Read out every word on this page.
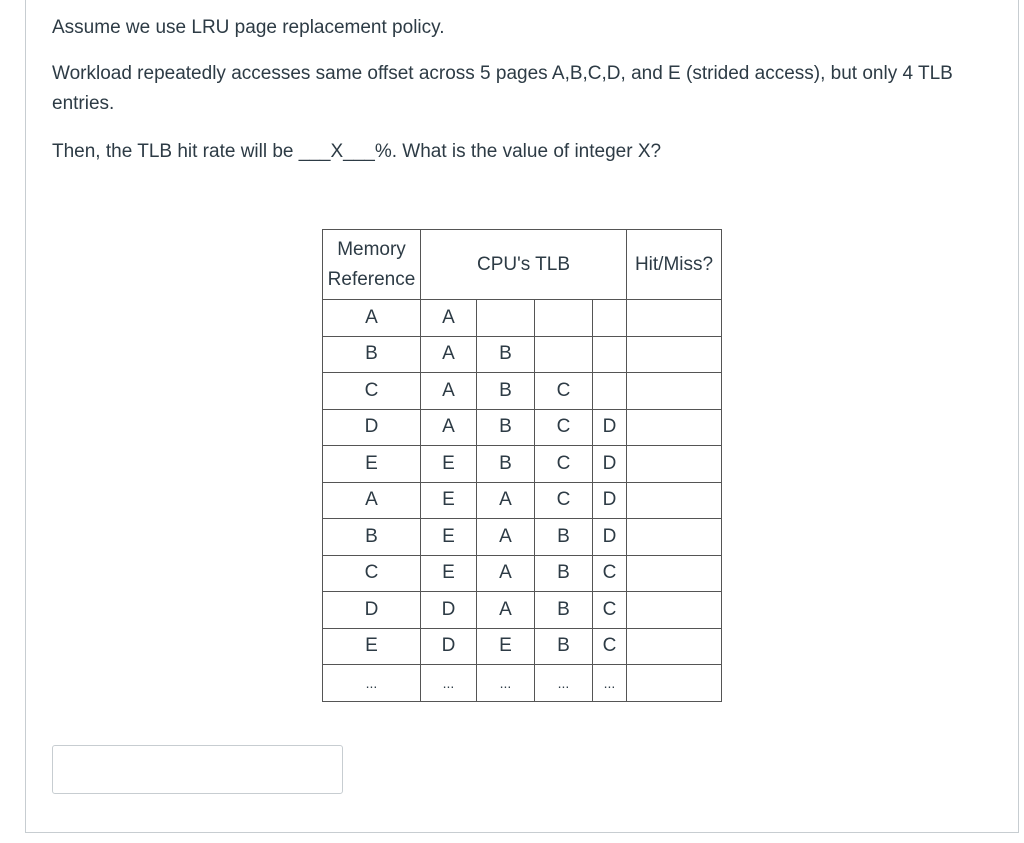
Assume we use LRU page replacement policy.

Workload repeatedly accesses same offset across 5 pages A,B,C,D, and E (strided access), but only 4 TLB entries.

Then, the TLB hit rate will be ___X___%. What is the value of integer X?

Memory
Reference	CPU's TLB				Hit/Miss?
A	A				
B	A	B			
C	A	B	C		
D	A	B	C	D	
E	E	B	C	D	
A	E	A	C	D	
B	E	A	B	D	
C	E	A	B	C	
D	D	A	B	C	
E	D	E	B	C	
...	...	...	...	...	
